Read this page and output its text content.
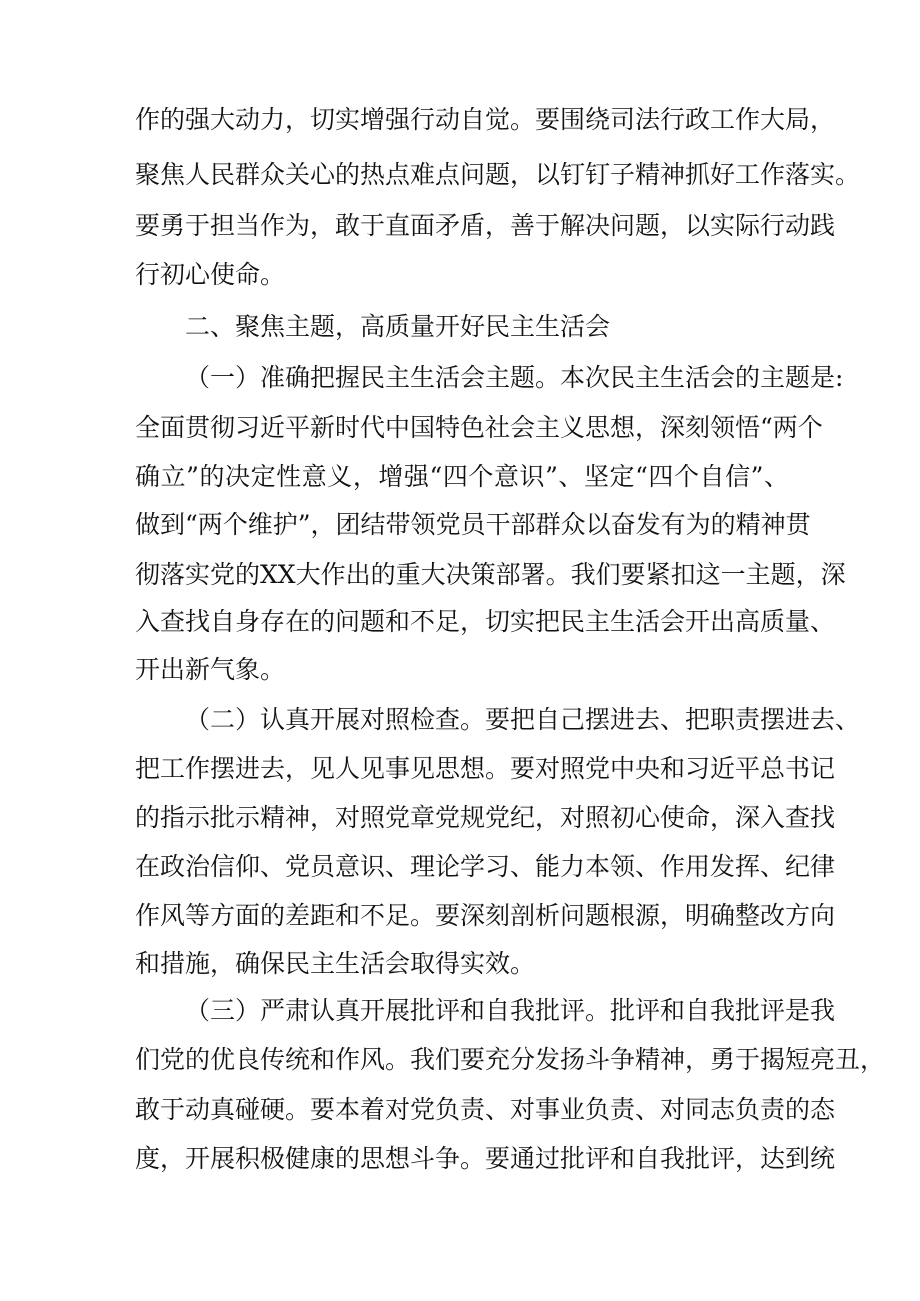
作的强大动力，切实增强行动自觉。要围绕司法行政工作大局，
聚焦人民群众关心的热点难点问题，以钉钉子精神抓好工作落实。
要勇于担当作为，敢于直面矛盾，善于解决问题，以实际行动践
行初心使命。
二、聚焦主题，高质量开好民主生活会
（一）准确把握民主生活会主题。本次民主生活会的主题是:
全面贯彻习近平新时代中国特色社会主义思想，深刻领悟“两个
确立”的决定性意义，增强“四个意识”、坚定“四个自信”、
做到“两个维护”，团结带领党员干部群众以奋发有为的精神贯
彻落实党的XX大作出的重大决策部署。我们要紧扣这一主题，深
入查找自身存在的问题和不足，切实把民主生活会开出高质量、
开出新气象。
（二）认真开展对照检查。要把自己摆进去、把职责摆进去、
把工作摆进去，见人见事见思想。要对照党中央和习近平总书记
的指示批示精神，对照党章党规党纪，对照初心使命，深入查找
在政治信仰、党员意识、理论学习、能力本领、作用发挥、纪律
作风等方面的差距和不足。要深刻剖析问题根源，明确整改方向
和措施，确保民主生活会取得实效。
（三）严肃认真开展批评和自我批评。批评和自我批评是我
们党的优良传统和作风。我们要充分发扬斗争精神，勇于揭短亮丑，
敢于动真碰硬。要本着对党负责、对事业负责、对同志负责的态
度，开展积极健康的思想斗争。要通过批评和自我批评，达到统
